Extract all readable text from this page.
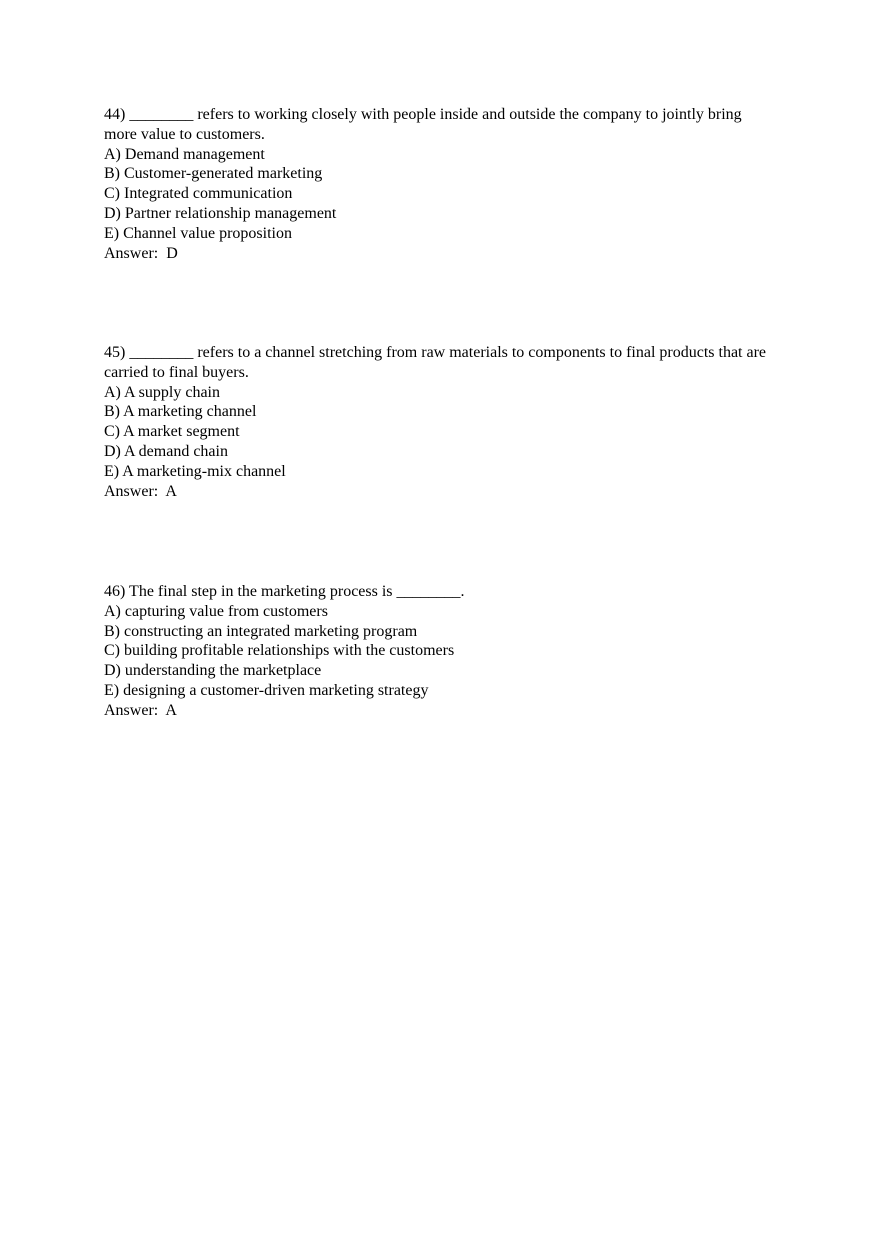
44) ________ refers to working closely with people inside and outside the company to jointly bring more value to customers.
A) Demand management
B) Customer-generated marketing
C) Integrated communication
D) Partner relationship management
E) Channel value proposition
Answer:  D
45) ________ refers to a channel stretching from raw materials to components to final products that are carried to final buyers.
A) A supply chain
B) A marketing channel
C) A market segment
D) A demand chain
E) A marketing-mix channel
Answer:  A
46) The final step in the marketing process is ________.
A) capturing value from customers
B) constructing an integrated marketing program
C) building profitable relationships with the customers
D) understanding the marketplace
E) designing a customer-driven marketing strategy
Answer:  A
